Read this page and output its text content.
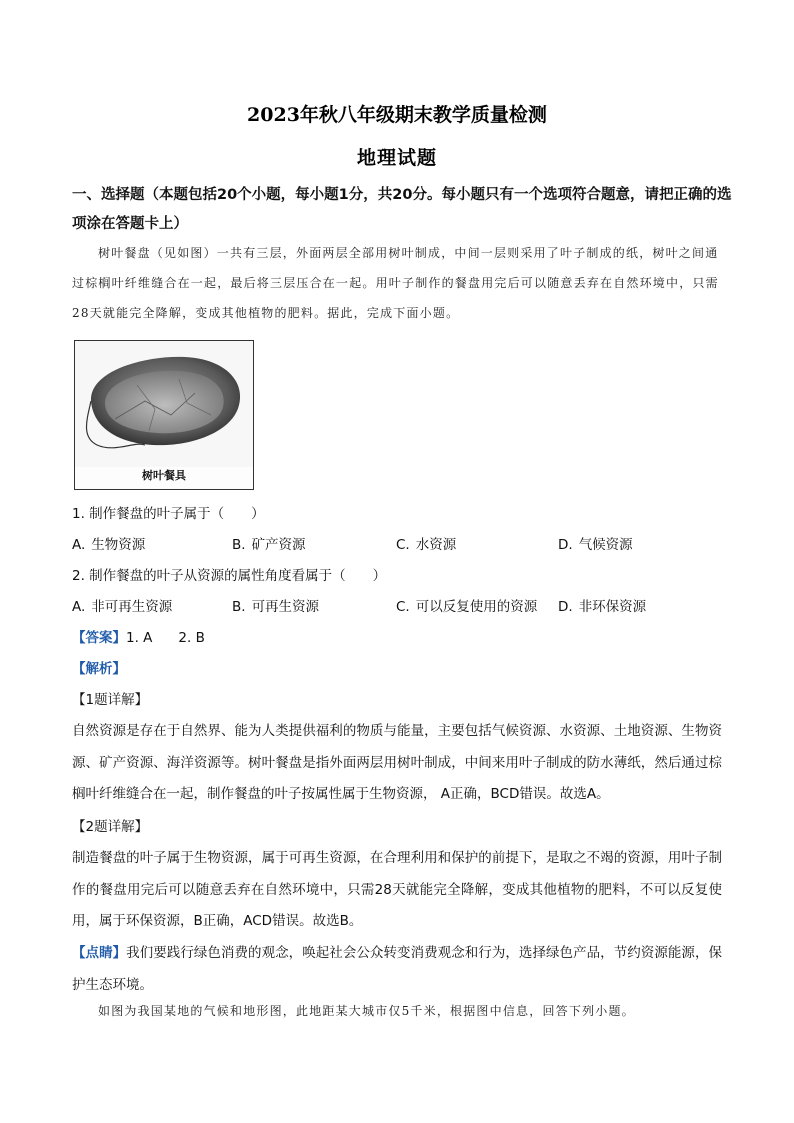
2023年秋八年级期末教学质量检测
地理试题
一、选择题（本题包括20个小题，每小题1分，共20分。每小题只有一个选项符合题意，请把正确的选项涂在答题卡上）
树叶餐盘（见如图）一共有三层，外面两层全部用树叶制成，中间一层则采用了叶子制成的纸，树叶之间通过棕榈叶纤维缝合在一起，最后将三层压合在一起。用叶子制作的餐盘用完后可以随意丢弃在自然环境中，只需28天就能完全降解，变成其他植物的肥料。据此，完成下面小题。
树叶餐具
1. 制作餐盘的叶子属于（　　）
A. 生物资源	B. 矿产资源	C. 水资源	D. 气候资源
2. 制作餐盘的叶子从资源的属性角度看属于（　　）
A. 非可再生资源	B. 可再生资源	C. 可以反复使用的资源 D. 非环保资源
【答案】1. A 2. B
【解析】
【1题详解】
自然资源是存在于自然界、能为人类提供福利的物质与能量，主要包括气候资源、水资源、土地资源、生物资源、矿产资源、海洋资源等。树叶餐盘是指外面两层用树叶制成，中间来用叶子制成的防水薄纸，然后通过棕榈叶纤维缝合在一起，制作餐盘的叶子按属性属于生物资源， A正确，BCD错误。故选A。
【2题详解】
制造餐盘的叶子属于生物资源，属于可再生资源，在合理利用和保护的前提下，是取之不竭的资源，用叶子制作的餐盘用完后可以随意丢弃在自然环境中，只需28天就能完全降解，变成其他植物的肥料，不可以反复使用，属于环保资源，B正确，ACD错误。故选B。
【点睛】我们要践行绿色消费的观念，唤起社会公众转变消费观念和行为，选择绿色产品，节约资源能源，保护生态环境。
如图为我国某地的气候和地形图，此地距某大城市仅5千米，根据图中信息，回答下列小题。
